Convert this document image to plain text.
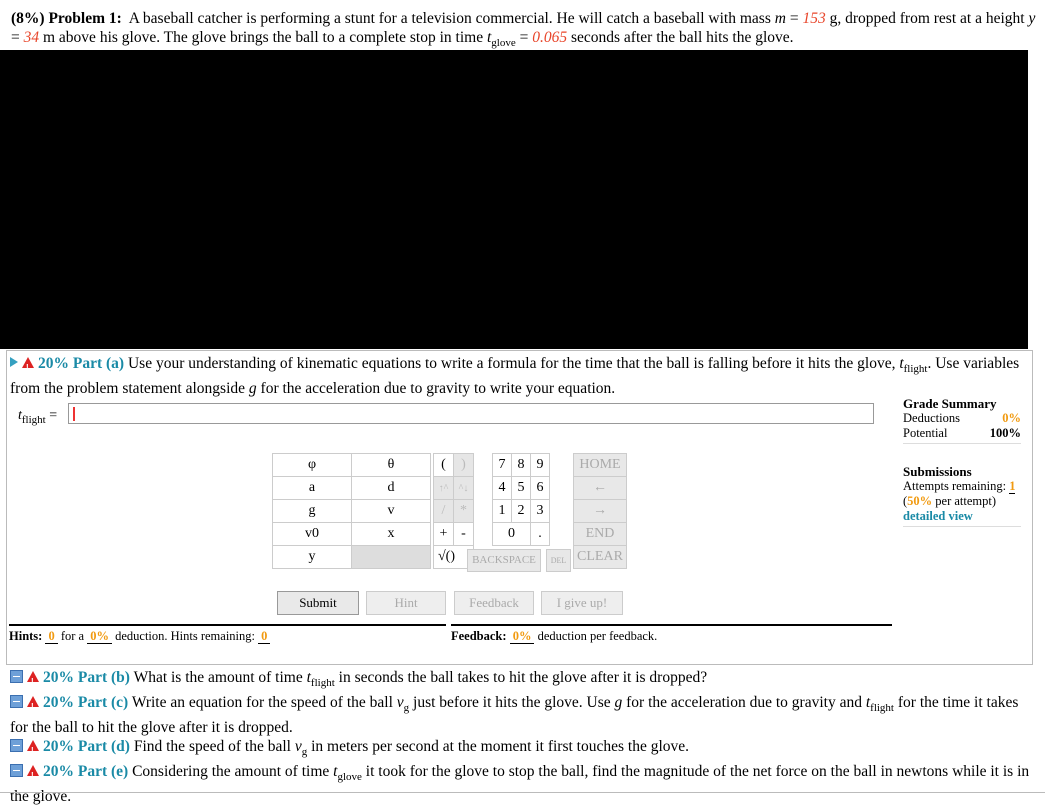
(8%) Problem 1: A baseball catcher is performing a stunt for a television commercial. He will catch a baseball with mass m = 153 g, dropped from rest at a height y = 34 m above his glove. The glove brings the ball to a complete stop in time $t_{glove} = 0.065$ seconds after the ball hits the glove.
!20% Part (a) Use your understanding of kinematic equations to write a formula for the time that the ball is falling before it hits the glove, $t_{flight}$. Use variables from the problem statement alongside g for the acceleration due to gravity to write your equation.
$t_{flight}$ =
Grade Summary
Deductions	0%
Potential	100%
Submissions
Attempts remaining: 1
(50% per attempt)
detailed view
φ	θ
a	d
g	v
v0	x
y	
(	)
↑^	^↓
/	*
+	-
√()	
7	8	9
4	5	6
1	2	3
0		.
HOME
←
→
END
CLEAR
BACKSPACE	DEL
Submit	Hint	Feedback	I give up!
Hints: 0 for a 0% deduction. Hints remaining: 0	Feedback: 0% deduction per feedback.
!20% Part (b) What is the amount of time $t_{flight}$ in seconds the ball takes to hit the glove after it is dropped?
!20% Part (c) Write an equation for the speed of the ball $v_g$ just before it hits the glove. Use g for the acceleration due to gravity and $t_{flight}$ for the time it takes for the ball to hit the glove after it is dropped.
!20% Part (d) Find the speed of the ball $v_g$ in meters per second at the moment it first touches the glove.
!20% Part (e) Considering the amount of time $t_{glove}$ it took for the glove to stop the ball, find the magnitude of the net force on the ball in newtons while it is in the glove.
